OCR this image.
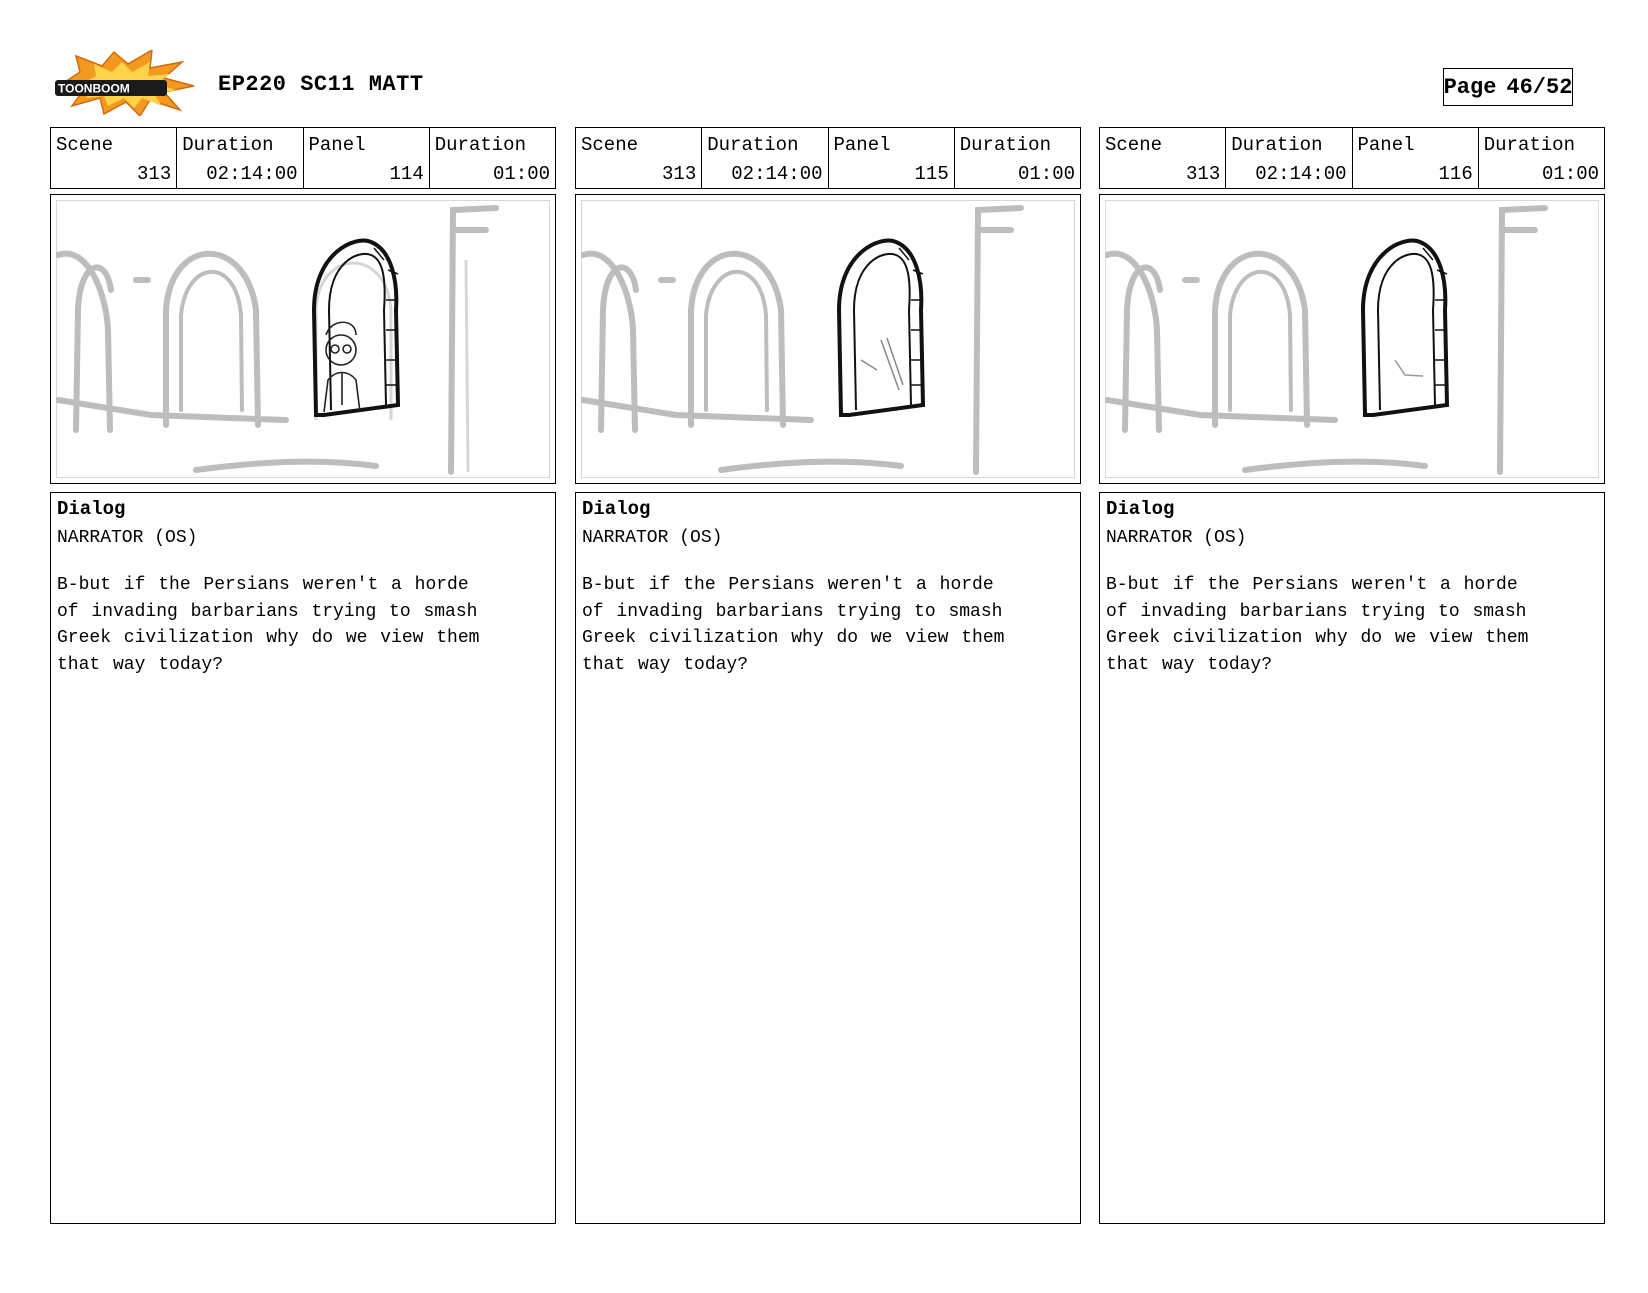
TOONBOOM	EP220 SC11 MATT	Page 46/52
Scene
313
Duration
02:14:00
Panel
114
Duration
01:00
Dialog
NARRATOR (OS)
B-but if the Persians weren't a horde
of invading barbarians trying to smash
Greek civilization why do we view them
that way today?
Scene
313
Duration
02:14:00
Panel
115
Duration
01:00
Dialog
NARRATOR (OS)
B-but if the Persians weren't a horde
of invading barbarians trying to smash
Greek civilization why do we view them
that way today?
Scene
313
Duration
02:14:00
Panel
116
Duration
01:00
Dialog
NARRATOR (OS)
B-but if the Persians weren't a horde
of invading barbarians trying to smash
Greek civilization why do we view them
that way today?
